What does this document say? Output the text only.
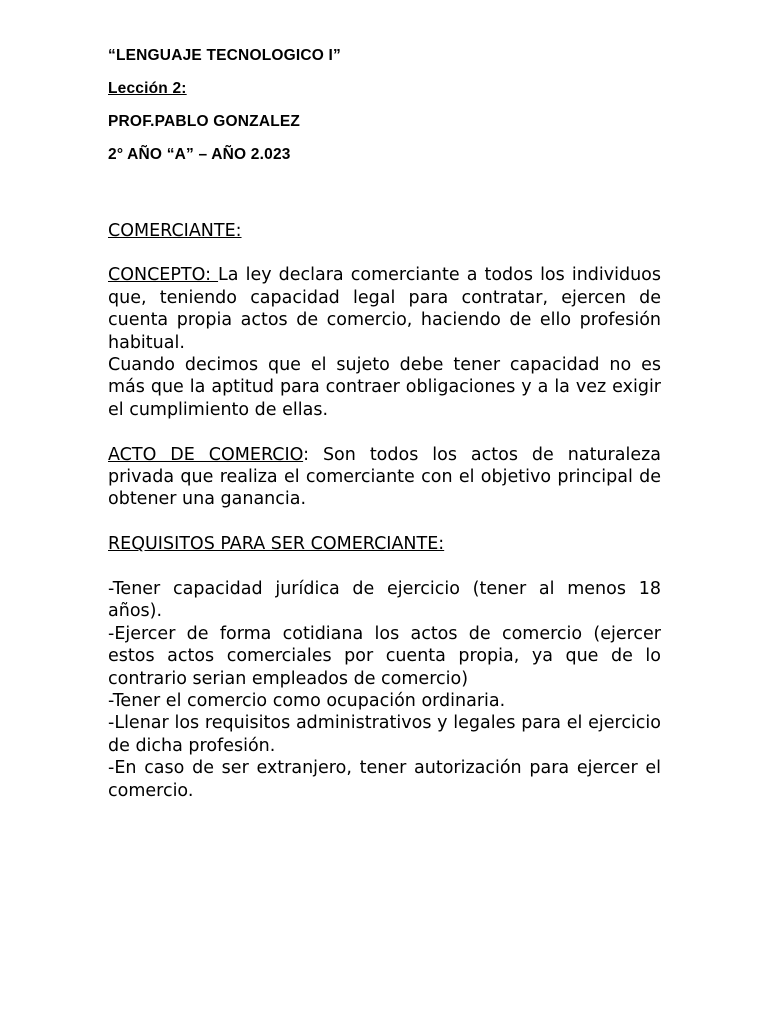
“LENGUAJE TECNOLOGICO I”
Lección 2:
PROF.PABLO GONZALEZ
2° AÑO “A” – AÑO 2.023
COMERCIANTE:

CONCEPTO: La ley declara comerciante a todos los individuos que, teniendo capacidad legal para contratar, ejercen de cuenta propia actos de comercio, haciendo de ello profesión habitual.

Cuando decimos que el sujeto debe tener capacidad no es más que la aptitud para contraer obligaciones y a la vez exigir el cumplimiento de ellas.

ACTO DE COMERCIO: Son todos los actos de naturaleza privada que realiza el comerciante con el objetivo principal de obtener una ganancia.

REQUISITOS PARA SER COMERCIANTE:

-Tener capacidad jurídica de ejercicio (tener al menos 18 años).

-Ejercer de forma cotidiana los actos de comercio (ejercer estos actos comerciales por cuenta propia, ya que de lo contrario serian empleados de comercio)

-Tener el comercio como ocupación ordinaria.

-Llenar los requisitos administrativos y legales para el ejercicio de dicha profesión.

-En caso de ser extranjero, tener autorización para ejercer el comercio.
